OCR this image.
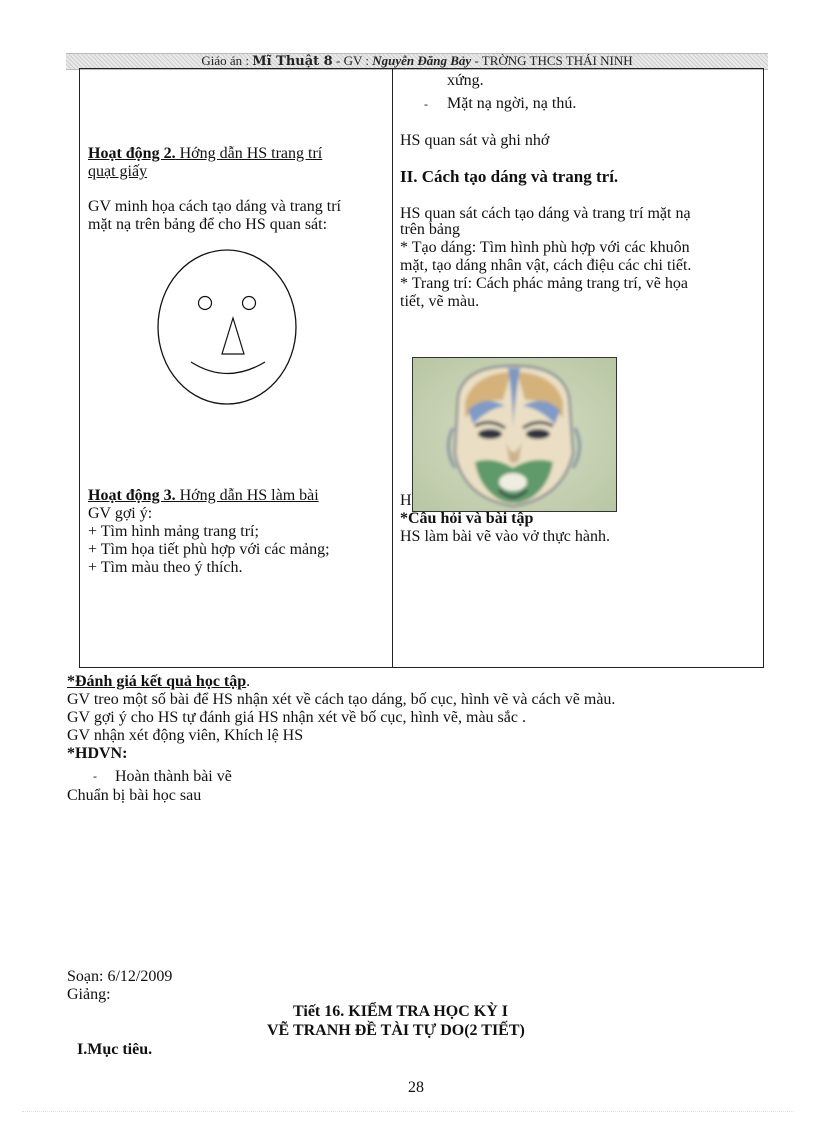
Giáo án : Mĩ Thuật 8 - GV : Nguyễn Đăng Bảy - TRỜNG THCS THÁI NINH
Hoạt động 2. Hớng dẫn HS trang trí
quạt giấy
GV minh họa cách tạo dáng và trang trí
mặt nạ trên bảng để cho HS quan sát:
Hoạt động 3. Hớng dẫn HS làm bài
GV gợi ý:
+ Tìm hình mảng trang trí;
+ Tìm họa tiết phù hợp với các mảng;
+ Tìm màu theo ý thích.
xứng.
- Mặt nạ ngời, nạ thú.
HS quan sát và ghi nhớ
II. Cách tạo dáng và trang trí.
HS quan sát cách tạo dáng và trang trí mặt nạ
trên bảng
* Tạo dáng: Tìm hình phù hợp với các khuôn
mặt, tạo dáng nhân vật, cách điệu các chi tiết.
* Trang trí: Cách phác mảng trang trí, vẽ họa
tiết, vẽ màu.
H
*Câu hỏi và bài tập
HS làm bài vẽ vào vở thực hành.
*Đánh giá kết quả học tập.
GV treo một số bài để HS nhận xét về cách tạo dáng, bố cục, hình vẽ và cách vẽ màu.
GV gợi ý cho HS tự đánh giá HS nhận xét về bố cục, hình vẽ, màu sắc .
GV nhận xét động viên, Khích lệ HS
*HDVN:
- Hoàn thành bài vẽ
Chuẩn bị bài học sau
Soạn: 6/12/2009
Giảng:
Tiết 16. KIỂM TRA HỌC KỲ I
VẼ TRANH ĐỀ TÀI TỰ DO(2 TIẾT)
I.Mục tiêu.
28
